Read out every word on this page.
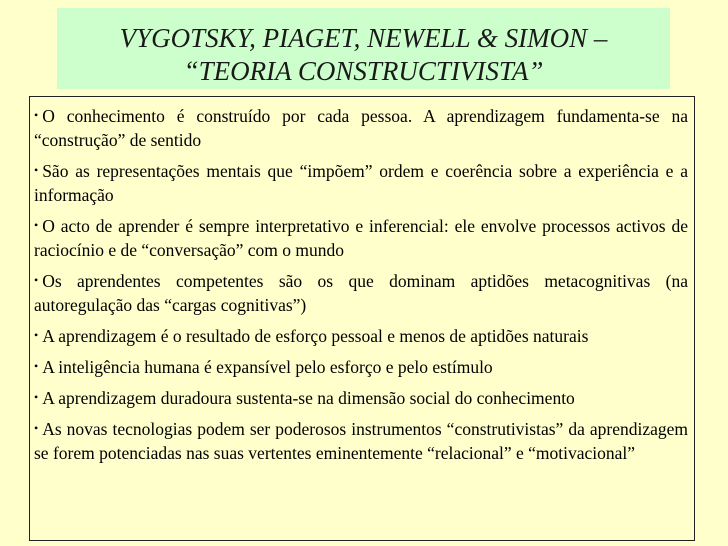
VYGOTSKY, PIAGET, NEWELL & SIMON –
“TEORIA CONSTRUCTIVISTA”

• O conhecimento é construído por cada pessoa. A aprendizagem fundamenta-se na “construção” de sentido

• São as representações mentais que “impõem” ordem e coerência sobre a experiência e a informação

• O acto de aprender é sempre interpretativo e inferencial: ele envolve processos activos de raciocínio e de “conversação” com o mundo

• Os aprendentes competentes são os que dominam aptidões metacognitivas (na autoregulação das “cargas cognitivas”)

• A aprendizagem é o resultado de esforço pessoal e menos de aptidões naturais

• A inteligência humana é expansível pelo esforço e pelo estímulo

• A aprendizagem duradoura sustenta-se na dimensão social do conhecimento

• As novas tecnologias podem ser poderosos instrumentos “construtivistas” da aprendizagem se forem potenciadas nas suas vertentes eminentemente “relacional” e “motivacional”
